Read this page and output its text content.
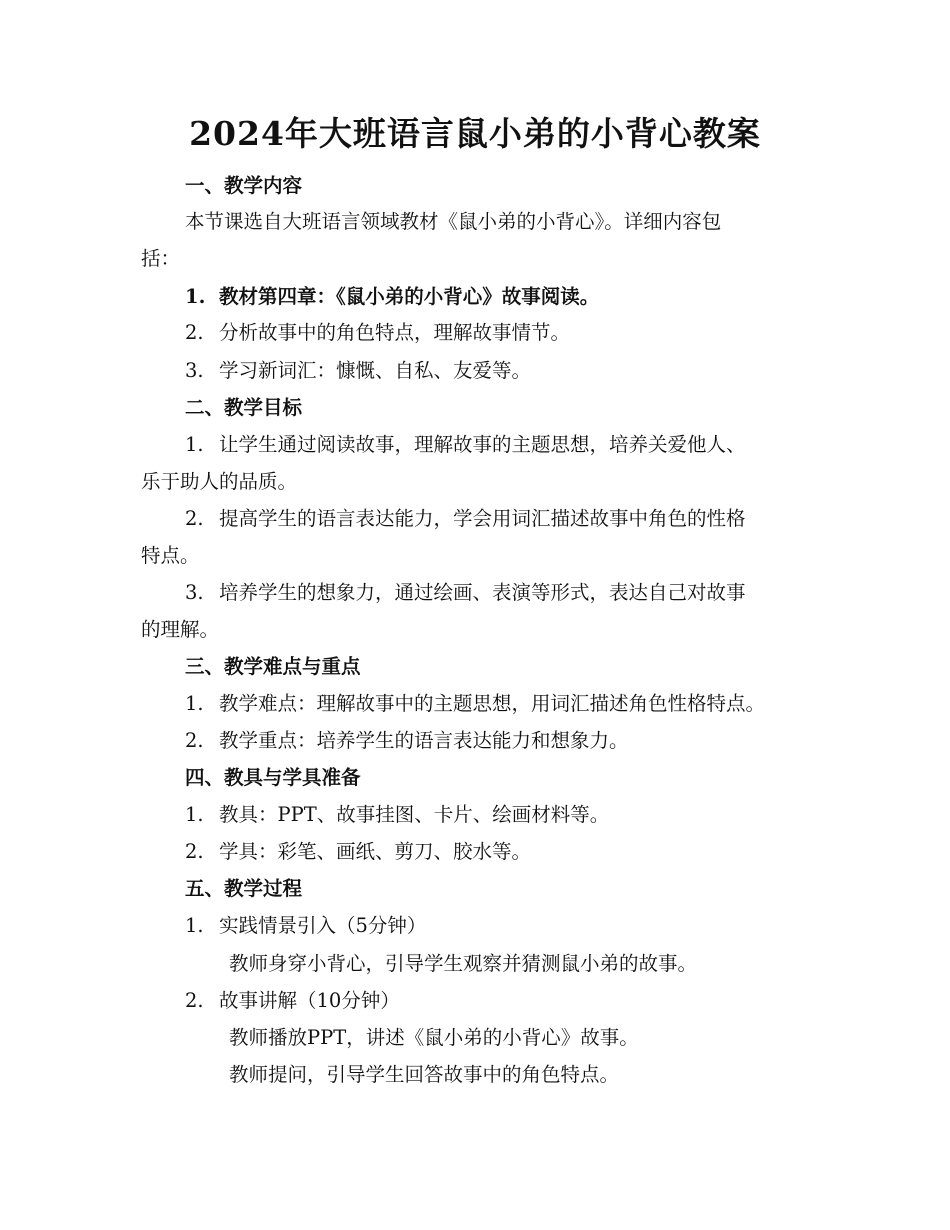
2024年大班语言鼠小弟的小背心教案

一、教学内容

本节课选自大班语言领域教材《鼠小弟的小背心》。详细内容包

括：

1. 教材第四章：《鼠小弟的小背心》故事阅读。

2. 分析故事中的角色特点，理解故事情节。

3. 学习新词汇：慷慨、自私、友爱等。

二、教学目标

1. 让学生通过阅读故事，理解故事的主题思想，培养关爱他人、

乐于助人的品质。

2. 提高学生的语言表达能力，学会用词汇描述故事中角色的性格

特点。

3. 培养学生的想象力，通过绘画、表演等形式，表达自己对故事

的理解。

三、教学难点与重点

1. 教学难点：理解故事中的主题思想，用词汇描述角色性格特点。

2. 教学重点：培养学生的语言表达能力和想象力。

四、教具与学具准备

1. 教具：PPT、故事挂图、卡片、绘画材料等。

2. 学具：彩笔、画纸、剪刀、胶水等。

五、教学过程

1. 实践情景引入（5分钟）

教师身穿小背心，引导学生观察并猜测鼠小弟的故事。

2. 故事讲解（10分钟）

教师播放PPT，讲述《鼠小弟的小背心》故事。

教师提问，引导学生回答故事中的角色特点。
